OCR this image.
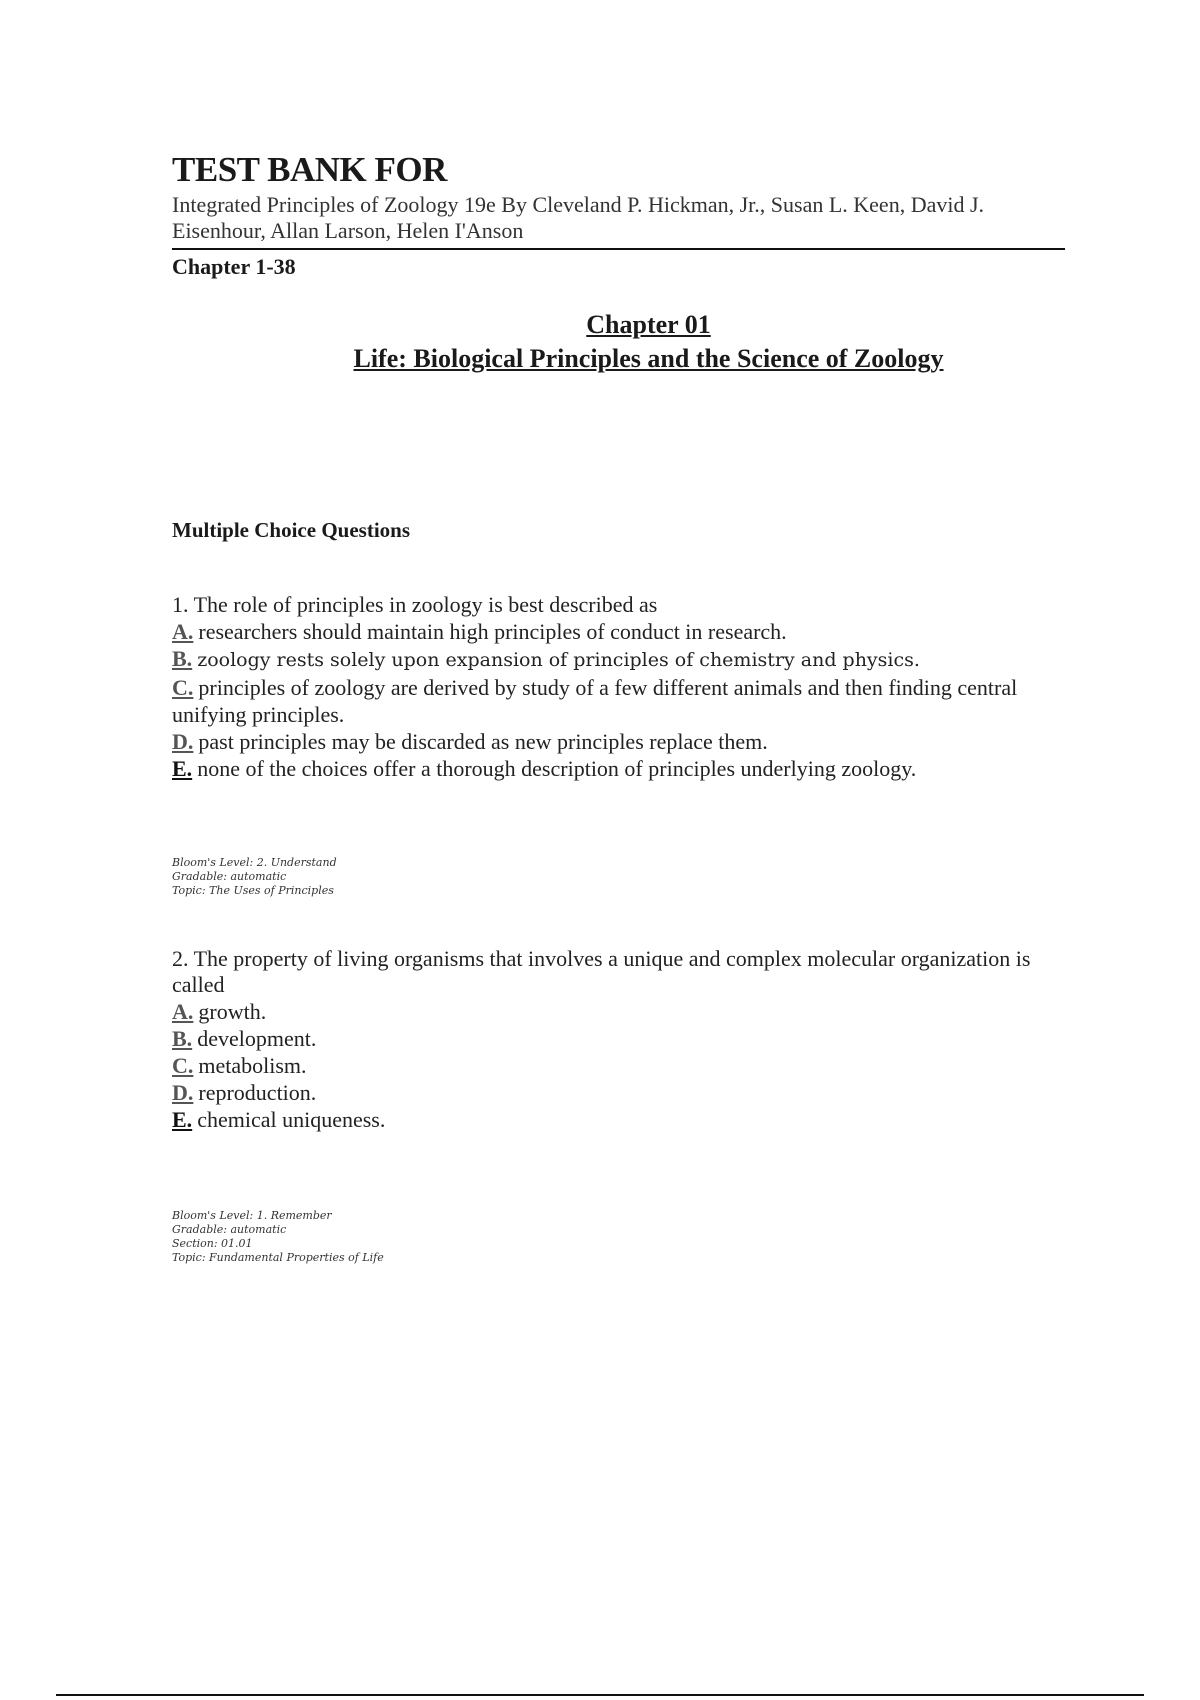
TEST BANK FOR
Integrated Principles of Zoology 19e By Cleveland P. Hickman, Jr., Susan L. Keen, David J. Eisenhour, Allan Larson, Helen I'Anson
Chapter 1-38
Chapter 01
Life: Biological Principles and the Science of Zoology
Multiple Choice Questions
1. The role of principles in zoology is best described as
A. researchers should maintain high principles of conduct in research.
B. zoology rests solely upon expansion of principles of chemistry and physics.
C. principles of zoology are derived by study of a few different animals and then finding central unifying principles.
D. past principles may be discarded as new principles replace them.
E. none of the choices offer a thorough description of principles underlying zoology.
Bloom's Level: 2. Understand
Gradable: automatic
Topic: The Uses of Principles
2. The property of living organisms that involves a unique and complex molecular organization is called
A. growth.
B. development.
C. metabolism.
D. reproduction.
E. chemical uniqueness.
Bloom's Level: 1. Remember
Gradable: automatic
Section: 01.01
Topic: Fundamental Properties of Life
